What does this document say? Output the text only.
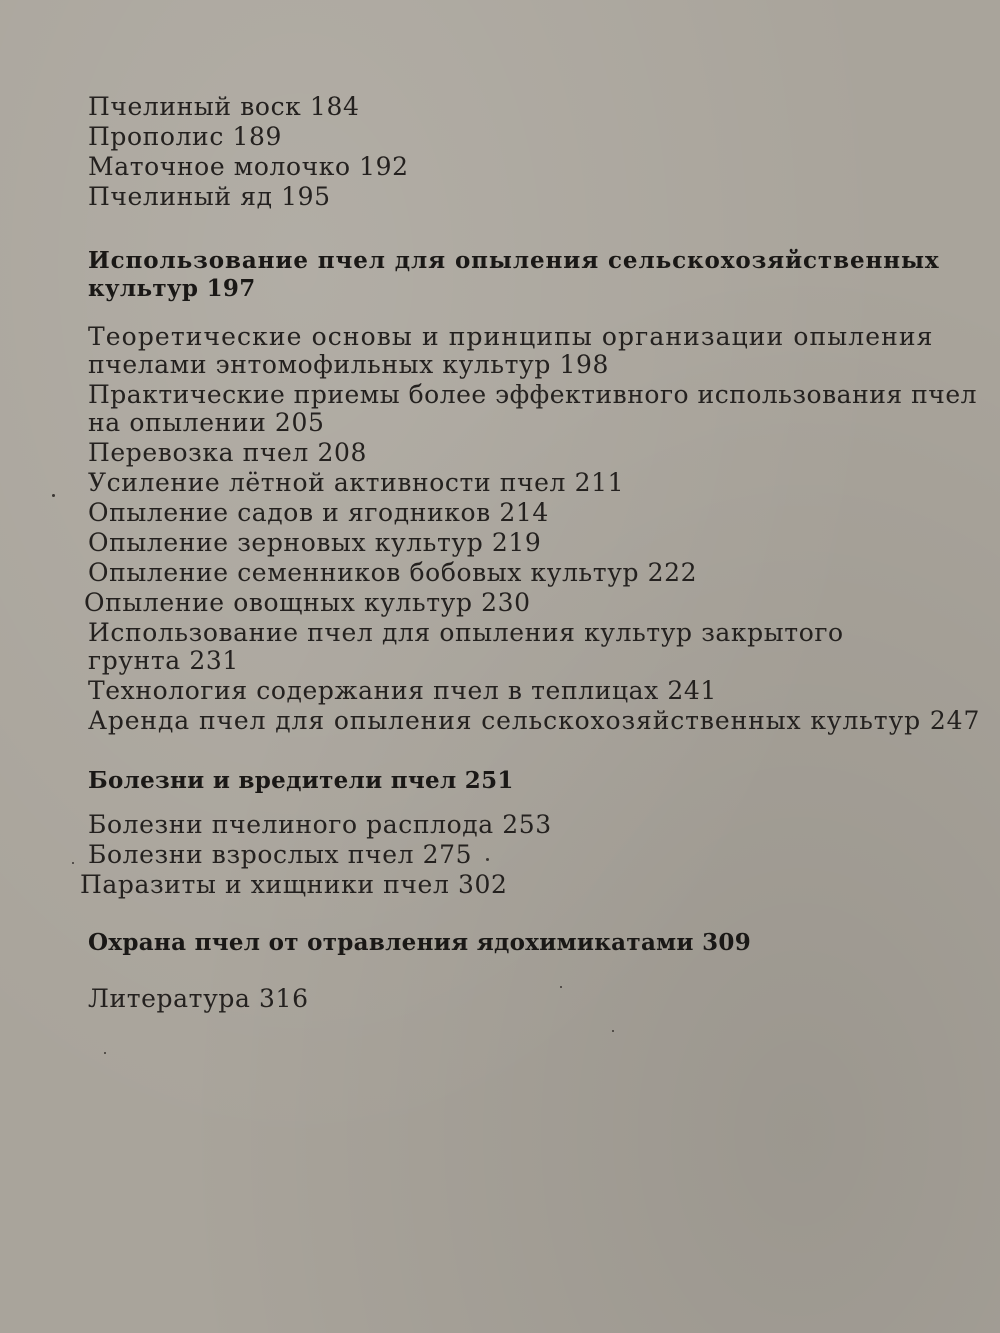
Пчелиный воск 184
Прополис 189
Маточное молочко 192
Пчелиный яд 195
Использование пчел для опыления сельскохозяйственных
культур 197
Теоретические основы и принципы организации опыления
пчелами энтомофильных культур 198
Практические приемы более эффективного использования пчел
на опылении 205
Перевозка пчел 208
Усиление лётной активности пчел 211
Опыление садов и ягодников 214
Опыление зерновых культур 219
Опыление семенников бобовых культур 222
Опыление овощных культур 230
Использование пчел для опыления культур закрытого
грунта 231
Технология содержания пчел в теплицах 241
Аренда пчел для опыления сельскохозяйственных культур 247
Болезни и вредители пчел 251
Болезни пчелиного расплода 253
Болезни взрослых пчел 275
Паразиты и хищники пчел 302
Охрана пчел от отравления ядохимикатами 309
Литература 316
